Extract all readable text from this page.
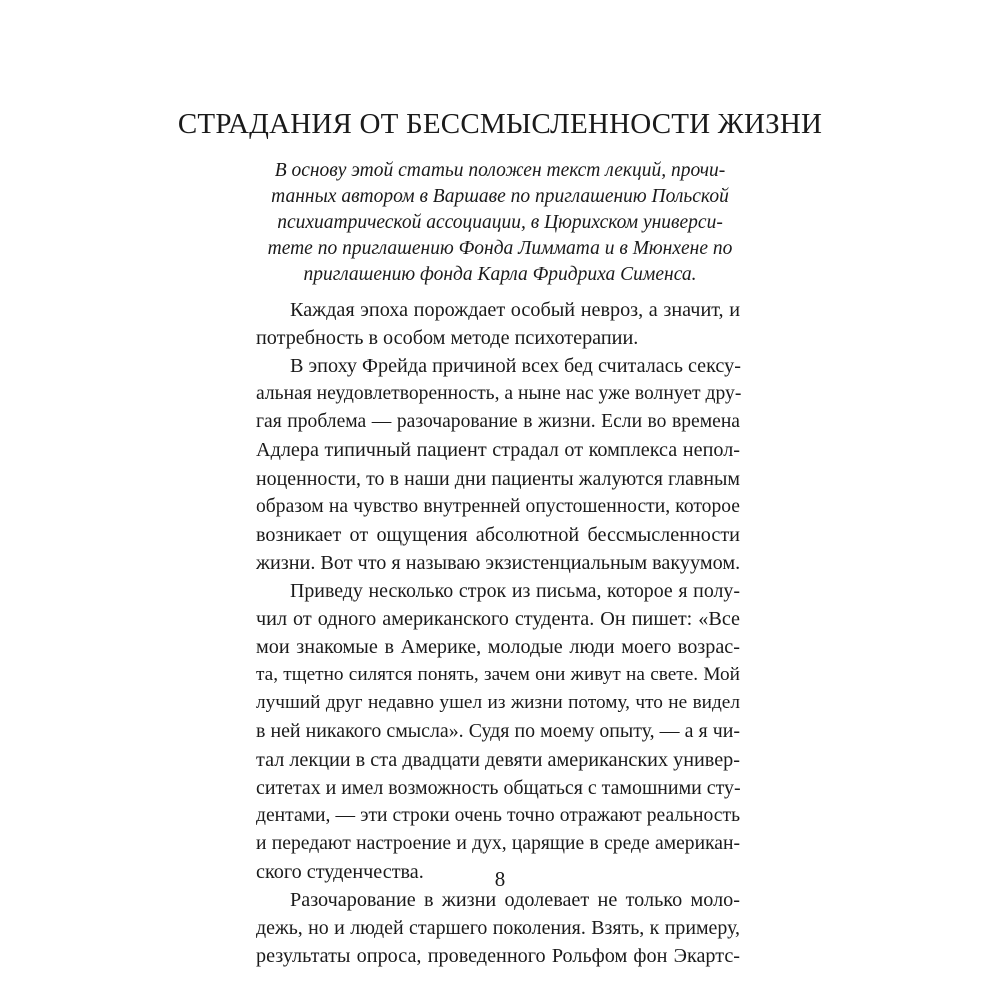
СТРАДАНИЯ ОТ БЕССМЫСЛЕННОСТИ ЖИЗНИ
В основу этой статьи положен текст лекций, прочи-
танных автором в Варшаве по приглашению Польской
психиатрической ассоциации, в Цюрихском универси-
тете по приглашению Фонда Лиммата и в Мюнхене по
приглашению фонда Карла Фридриха Сименса.
Каждая эпоха порождает особый невроз, а значит, и
потребность в особом методе психотерапии.
В эпоху Фрейда причиной всех бед считалась сексу-
альная неудовлетворенность, а ныне нас уже волнует дру-
гая проблема — разочарование в жизни. Если во времена
Адлера типичный пациент страдал от комплекса непол-
ноценности, то в наши дни пациенты жалуются главным
образом на чувство внутренней опустошенности, которое
возникает от ощущения абсолютной бессмысленности
жизни. Вот что я называю экзистенциальным вакуумом.
Приведу несколько строк из письма, которое я полу-
чил от одного американского студента. Он пишет: «Все
мои знакомые в Америке, молодые люди моего возрас-
та, тщетно силятся понять, зачем они живут на свете. Мой
лучший друг недавно ушел из жизни потому, что не видел
в ней никакого смысла». Судя по моему опыту, — а я чи-
тал лекции в ста двадцати девяти американских универ-
ситетах и имел возможность общаться с тамошними сту-
дентами, — эти строки очень точно отражают реальность
и передают настроение и дух, царящие в среде американ-
ского студенчества.
Разочарование в жизни одолевает не только моло-
дежь, но и людей старшего поколения. Взять, к примеру,
результаты опроса, проведенного Рольфом фон Экартс-
8
